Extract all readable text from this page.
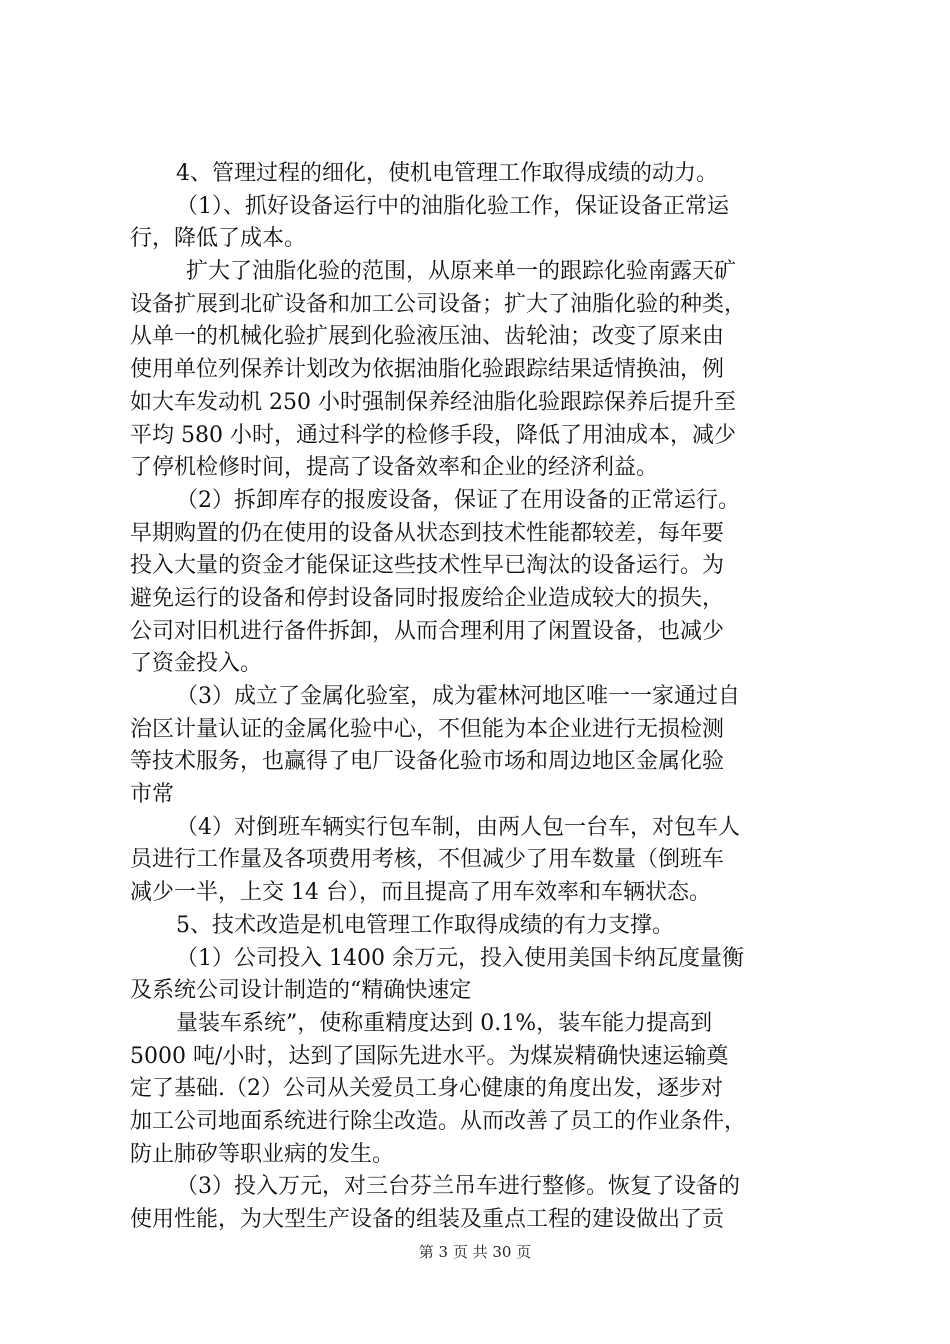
4、管理过程的细化，使机电管理工作取得成绩的动力。
（1）、抓好设备运行中的油脂化验工作，保证设备正常运
行，降低了成本。
扩大了油脂化验的范围，从原来单一的跟踪化验南露天矿
设备扩展到北矿设备和加工公司设备；扩大了油脂化验的种类，
从单一的机械化验扩展到化验液压油、齿轮油；改变了原来由
使用单位列保养计划改为依据油脂化验跟踪结果适情换油，例
如大车发动机 250 小时强制保养经油脂化验跟踪保养后提升至
平均 580 小时，通过科学的检修手段，降低了用油成本，减少
了停机检修时间，提高了设备效率和企业的经济利益。
（2）拆卸库存的报废设备，保证了在用设备的正常运行。
早期购置的仍在使用的设备从状态到技术性能都较差，每年要
投入大量的资金才能保证这些技术性早已淘汰的设备运行。为
避免运行的设备和停封设备同时报废给企业造成较大的损失，
公司对旧机进行备件拆卸，从而合理利用了闲置设备，也减少
了资金投入。
（3）成立了金属化验室，成为霍林河地区唯一一家通过自
治区计量认证的金属化验中心，不但能为本企业进行无损检测
等技术服务，也赢得了电厂设备化验市场和周边地区金属化验
市常
（4）对倒班车辆实行包车制，由两人包一台车，对包车人
员进行工作量及各项费用考核，不但减少了用车数量（倒班车
减少一半，上交 14 台），而且提高了用车效率和车辆状态。
5、技术改造是机电管理工作取得成绩的有力支撑。
（1）公司投入 1400 余万元，投入使用美国卡纳瓦度量衡
及系统公司设计制造的“精确快速定
量装车系统”，使称重精度达到 0.1%，装车能力提高到
5000 吨/小时，达到了国际先进水平。为煤炭精确快速运输奠
定了基础.（2）公司从关爱员工身心健康的角度出发，逐步对
加工公司地面系统进行除尘改造。从而改善了员工的作业条件，
防止肺矽等职业病的发生。
（3）投入万元，对三台芬兰吊车进行整修。恢复了设备的
使用性能，为大型生产设备的组装及重点工程的建设做出了贡
第 3 页 共 30 页
